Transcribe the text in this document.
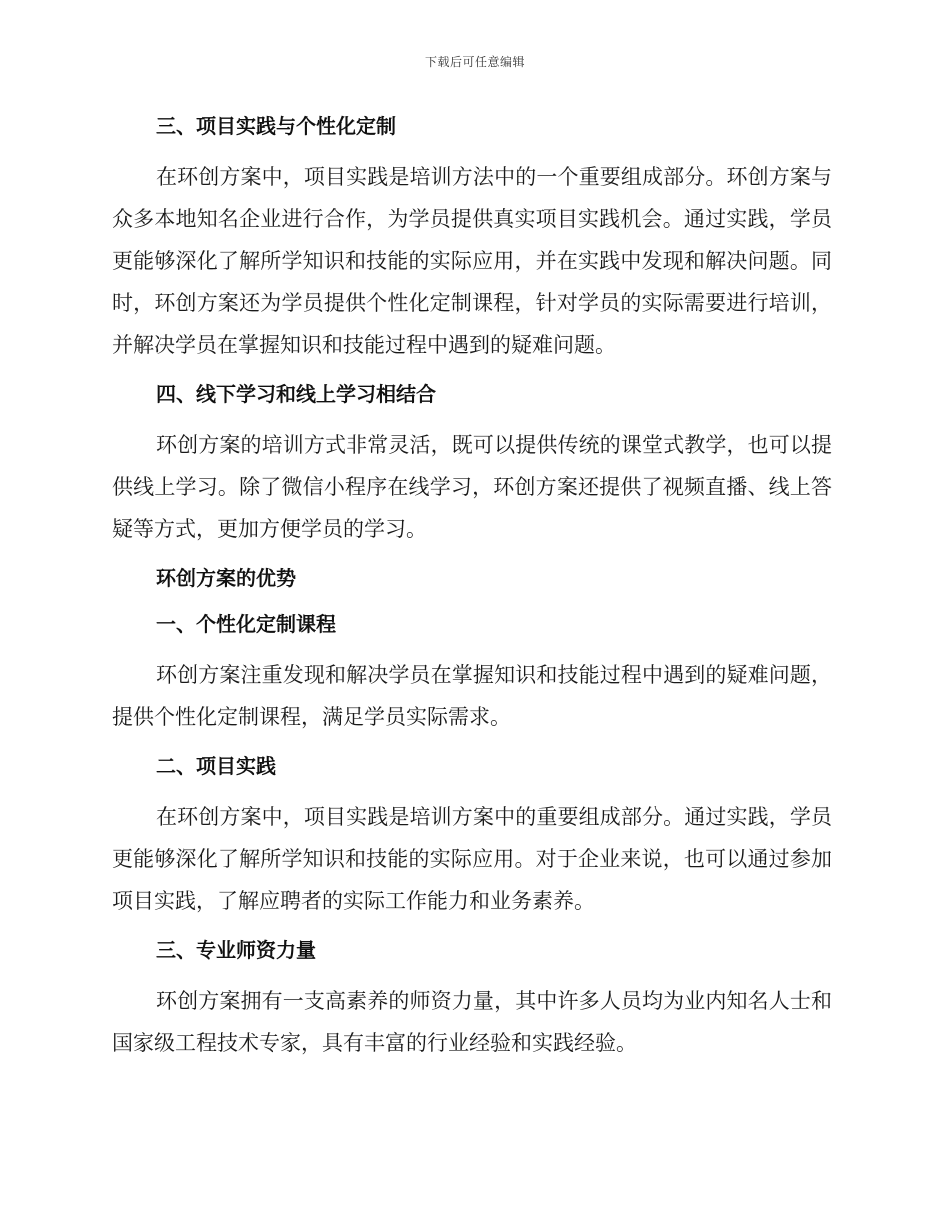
下载后可任意编辑
三、项目实践与个性化定制

在环创方案中，项目实践是培训方法中的一个重要组成部分。环创方案与众多本地知名企业进行合作，为学员提供真实项目实践机会。通过实践，学员更能够深化了解所学知识和技能的实际应用，并在实践中发现和解决问题。同时，环创方案还为学员提供个性化定制课程，针对学员的实际需要进行培训，并解决学员在掌握知识和技能过程中遇到的疑难问题。

四、线下学习和线上学习相结合

环创方案的培训方式非常灵活，既可以提供传统的课堂式教学，也可以提供线上学习。除了微信小程序在线学习，环创方案还提供了视频直播、线上答疑等方式，更加方便学员的学习。

环创方案的优势
一、个性化定制课程

环创方案注重发现和解决学员在掌握知识和技能过程中遇到的疑难问题，提供个性化定制课程，满足学员实际需求。

二、项目实践

在环创方案中，项目实践是培训方案中的重要组成部分。通过实践，学员更能够深化了解所学知识和技能的实际应用。对于企业来说，也可以通过参加项目实践，了解应聘者的实际工作能力和业务素养。

三、专业师资力量

环创方案拥有一支高素养的师资力量，其中许多人员均为业内知名人士和国家级工程技术专家，具有丰富的行业经验和实践经验。
